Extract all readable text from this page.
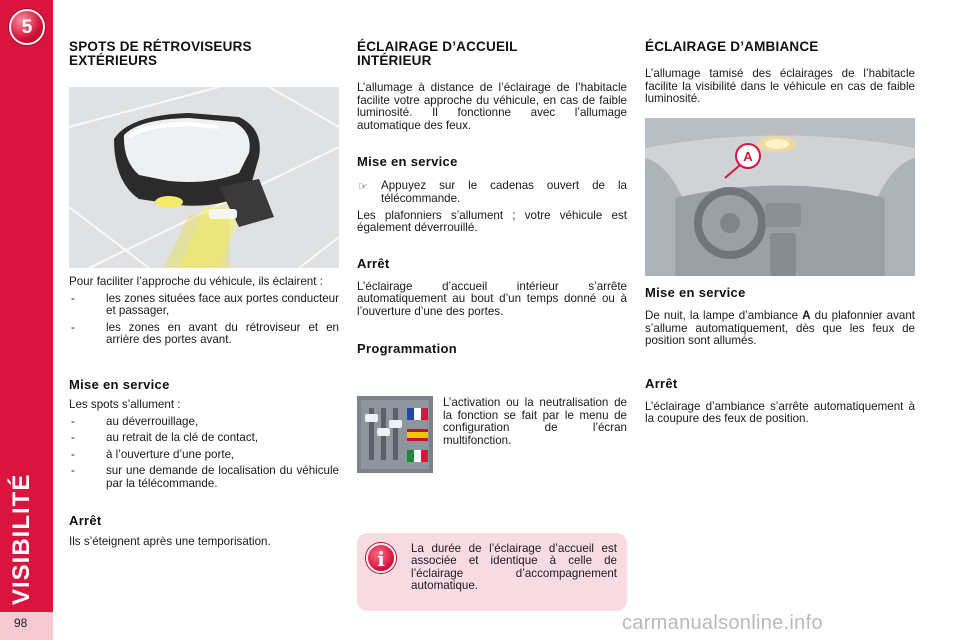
5
VISIBILITÉ
98
SPOTS DE RÉTROVISEURS
EXTÉRIEURS

Pour faciliter l’approche du véhicule, ils éclairent :

- les zones situées face aux portes conducteur et passager,
- les zones en avant du rétroviseur et en arrière des portes avant.
Mise en service

Les spots s’allument :

- au déverrouillage,
- au retrait de la clé de contact,
- à l’ouverture d’une porte,
- sur une demande de localisation du véhicule par la télécommande.
Arrêt

Ils s’éteignent après une temporisation.

ÉCLAIRAGE D’ACCUEIL
INTÉRIEUR

L’allumage à distance de l’éclairage de l’habitacle facilite votre approche du véhicule, en cas de faible luminosité. Il fonctionne avec l’allumage automatique des feux.

Mise en service
☞ Appuyez sur le cadenas ouvert de la télécommande.

Les plafonniers s’allument ; votre véhicule est également déverrouillé.

Arrêt

L’éclairage d’accueil intérieur s’arrête automatiquement au bout d’un temps donné ou à l’ouverture d’une des portes.

Programmation

L’activation ou la neutralisation de la fonction se fait par le menu de configuration de l’écran multifonction.

i	La durée de l’éclairage d’accueil est associée et identique à celle de l’éclairage d’accompagnement automatique.

ÉCLAIRAGE D’AMBIANCE

L’allumage tamisé des éclairages de l’habitacle facilite la visibilité dans le véhicule en cas de faible luminosité.

A
Mise en service

De nuit, la lampe d’ambiance A du plafonnier avant s’allume automatiquement, dès que les feux de position sont allumés.

Arrêt

L’éclairage d’ambiance s’arrête automatiquement à la coupure des feux de position.

carmanualsonline.info
